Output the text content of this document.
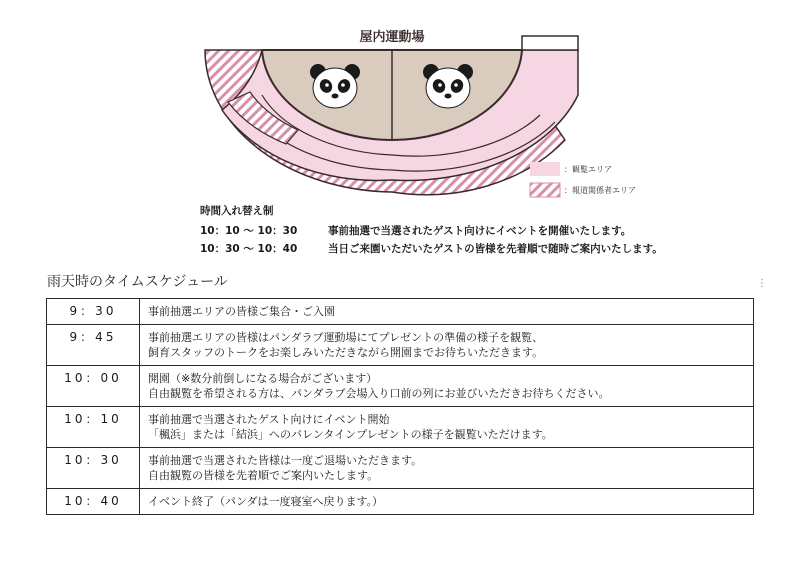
屋内運動場
：観覧エリア
：報道関係者エリア
時間入れ替え制
10：10 〜 10：30	事前抽選で当選されたゲスト向けにイベントを開催いたします。
10：30 〜 10：40	当日ご来園いただいたゲストの皆様を先着順で随時ご案内いたします。
雨天時のタイムスケジュール	⋮
9：30	事前抽選エリアの皆様ご集合・ご入園
9：45	事前抽選エリアの皆様はパンダラブ運動場にてプレゼントの準備の様子を観覧、
飼育スタッフのトークをお楽しみいただきながら開園までお待ちいただきます。
10：00	開園（※数分前倒しになる場合がございます）
自由観覧を希望される方は、パンダラブ会場入り口前の列にお並びいただきお待ちください。
10：10	事前抽選で当選されたゲスト向けにイベント開始
「楓浜」または「結浜」へのバレンタインプレゼントの様子を観覧いただけます。
10：30	事前抽選で当選された皆様は一度ご退場いただきます。
自由観覧の皆様を先着順でご案内いたします。
10：40	イベント終了（パンダは一度寝室へ戻ります。）
